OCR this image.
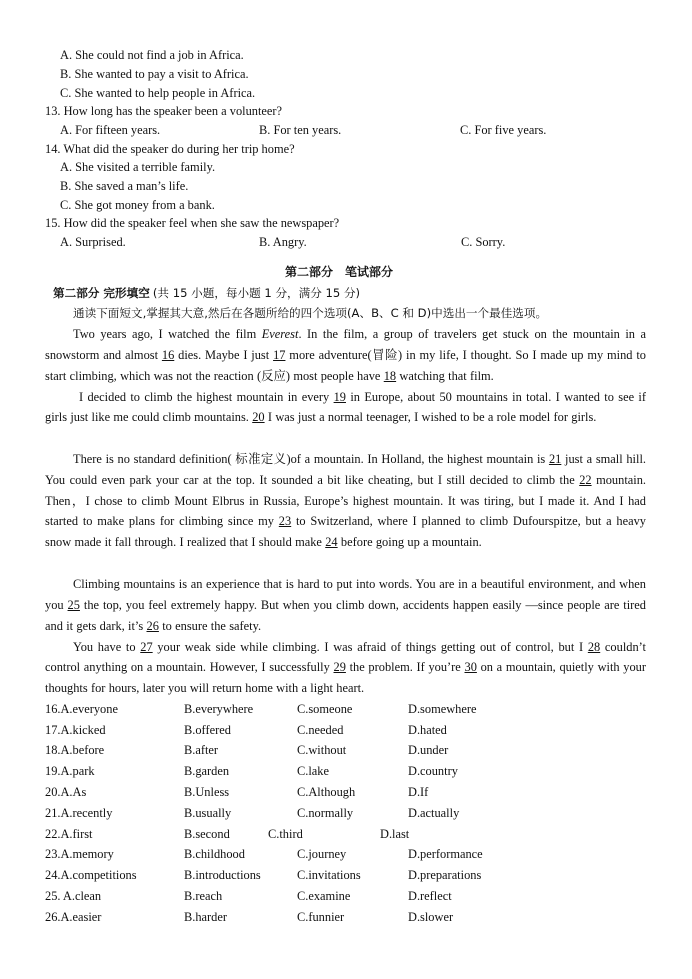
A. She could not find a job in Africa.
B. She wanted to pay a visit to Africa.
C. She wanted to help people in Africa.
13. How long has the speaker been a volunteer?
A. For fifteen years.	B. For ten years.	C. For five years.
14. What did the speaker do during her trip home?
A. She visited a terrible family.
B. She saved a man’s life.
C. She got money from a bank.
15. How did the speaker feel when she saw the newspaper?
A. Surprised.	B. Angry.	C. Sorry.
第二部分　笔试部分
第二部分 完形填空 (共 15 小题，每小题 1 分，满分 15 分)
通读下面短文,掌握其大意,然后在各题所给的四个选项(A、B、C 和 D)中选出一个最佳选项。
Two years ago, I watched the film Everest. In the film, a group of travelers get stuck on the mountain in a snowstorm and almost 16 dies. Maybe I just 17 more adventure(冒险) in my life, I thought. So I made up my mind to start climbing, which was not the reaction (反应) most people have 18 watching that film.
I decided to climb the highest mountain in every 19 in Europe, about 50 mountains in total. I wanted to see if girls just like me could climb mountains. 20 I was just a normal teenager, I wished to be a role model for girls.
There is no standard definition( 标准定义)of a mountain. In Holland, the highest mountain is 21 just a small hill. You could even park your car at the top. It sounded a bit like cheating, but I still decided to climb the 22 mountain. Then，I chose to climb Mount Elbrus in Russia, Europe’s highest mountain. It was tiring, but I made it. And I had started to make plans for climbing since my 23 to Switzerland, where I planned to climb Dufourspitze, but a heavy snow made it fall through. I realized that I should make 24 before going up a mountain.
Climbing mountains is an experience that is hard to put into words. You are in a beautiful environment, and when you 25 the top, you feel extremely happy. But when you climb down, accidents happen easily —since people are tired and it gets dark, it’s 26 to ensure the safety.
You have to 27 your weak side while climbing. I was afraid of things getting out of control, but I 28 couldn’t control anything on a mountain. However, I successfully 29 the problem. If you’re 30 on a mountain, quietly with your thoughts for hours, later you will return home with a light heart.
16.A.everyone	B.everywhere	C.someone	D.somewhere
17.A.kicked	B.offered	C.needed	D.hated
18.A.before	B.after	C.without	D.under
19.A.park	B.garden	C.lake	D.country
20.A.As	B.Unless	C.Although	D.If
21.A.recently	B.usually	C.normally	D.actually
22.A.first	B.second	C.third	D.last
23.A.memory	B.childhood	C.journey	D.performance
24.A.competitions	B.introductions	C.invitations	D.preparations
25. A.clean	B.reach	C.examine	D.reflect
26.A.easier	B.harder	C.funnier	D.slower
